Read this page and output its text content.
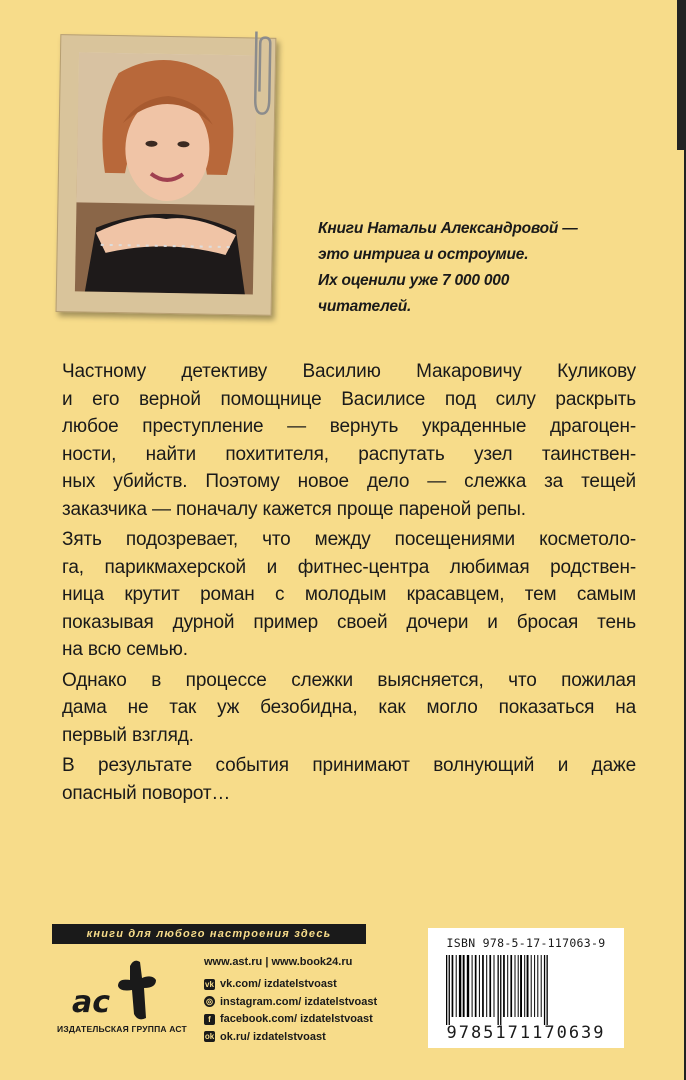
Книги Натальи Александровой —
это интрига и остроумие.
Их оценили уже 7 000 000
читателей.

Частному детективу Василию Макаровичу Куликову
и его верной помощнице Василисе под силу раскрыть
любое преступление — вернуть украденные драгоцен-
ности, найти похитителя, распутать узел таинствен-
ных убийств. Поэтому новое дело — слежка за тещей
заказчика — поначалу кажется проще пареной репы.

Зять подозревает, что между посещениями косметоло-
га, парикмахерской и фитнес-центра любимая родствен-
ница крутит роман с молодым красавцем, тем самым
показывая дурной пример своей дочери и бросая тень
на всю семью.

Однако в процессе слежки выясняется, что пожилая
дама не так уж безобидна, как могло показаться на
первый взгляд.

В результате события принимают волнующий и даже
опасный поворот…

книги для любого настроения здесь
ac
ИЗДАТЕЛЬСКАЯ ГРУППА АСТ
www.ast.ru | www.book24.ru
vk vk.com/ izdatelstvoast
◎ instagram.com/ izdatelstvoast
f facebook.com/ izdatelstvoast
ok ok.ru/ izdatelstvoast
ISBN 978-5-17-117063-9
9785171170639
